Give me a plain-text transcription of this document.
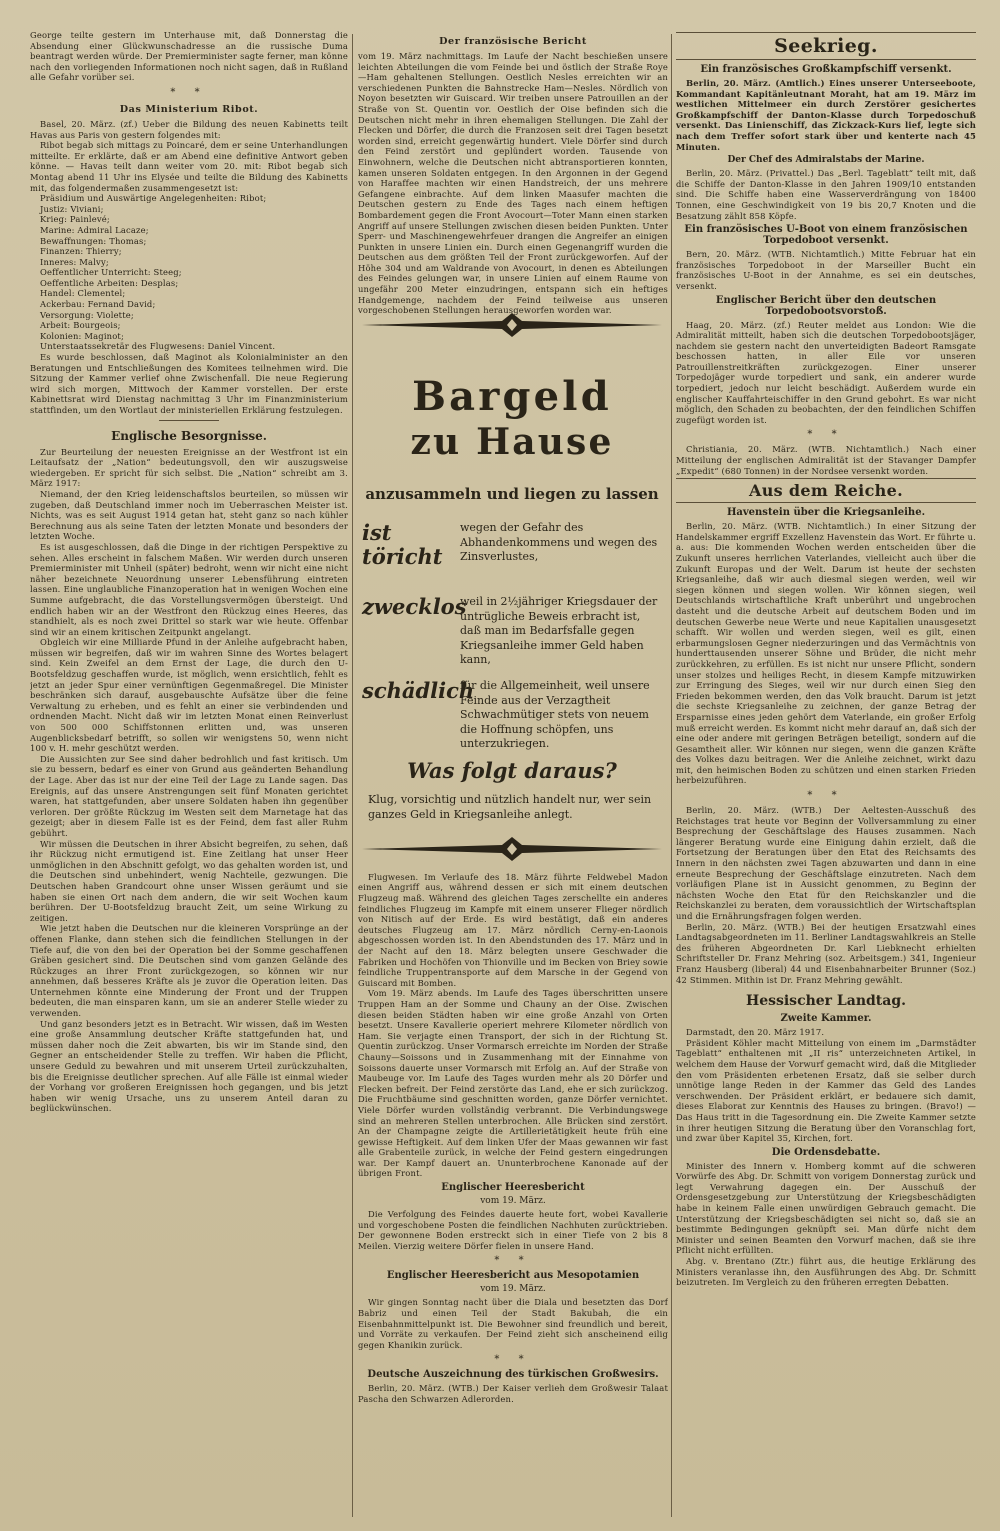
George teilte gestern im Unterhause mit, daß Donnerstag die Absendung einer Glückwunschadresse an die russische Duma beantragt werden würde. Der Premierminister sagte ferner, man könne nach den vorliegenden Informationen noch nicht sagen, daß in Rußland alle Gefahr vorüber sei.

* *
Das Ministerium Ribot.

Basel, 20. März. (zf.) Ueber die Bildung des neuen Kabinetts teilt Havas aus Paris von gestern folgendes mit:

Ribot begab sich mittags zu Poincaré, dem er seine Unterhandlungen mitteilte. Er erklärte, daß er am Abend eine definitive Antwort geben könne. — Havas teilt dann weiter vom 20. mit: Ribot begab sich Montag abend 11 Uhr ins Elysée und teilte die Bildung des Kabinetts mit, das folgendermaßen zusammengesetzt ist:

Präsidium und Auswärtige Angelegenheiten: Ribot;

Justiz: Viviani;

Krieg: Painlevé;

Marine: Admiral Lacaze;

Bewaffnungen: Thomas;

Finanzen: Thierry;

Inneres: Malvy;

Oeffentlicher Unterricht: Steeg;

Oeffentliche Arbeiten: Desplas;

Handel: Clementel;

Ackerbau: Fernand David;

Versorgung: Violette;

Arbeit: Bourgeois;

Kolonien: Maginot;

Unterstaatssekretär des Flugwesens: Daniel Vincent.

Es wurde beschlossen, daß Maginot als Kolonialminister an den Beratungen und Entschließungen des Komitees teilnehmen wird. Die Sitzung der Kammer verlief ohne Zwischenfall. Die neue Regierung wird sich morgen, Mittwoch der Kammer vorstellen. Der erste Kabinettsrat wird Dienstag nachmittag 3 Uhr im Finanzministerium stattfinden, um den Wortlaut der ministeriellen Erklärung festzulegen.

Englische Besorgnisse.

Zur Beurteilung der neuesten Ereignisse an der Westfront ist ein Leitaufsatz der „Nation“ bedeutungsvoll, den wir auszugsweise wiedergeben. Er spricht für sich selbst. Die „Nation“ schreibt am 3. März 1917:

Niemand, der den Krieg leidenschaftslos beurteilen, so müssen wir zugeben, daß Deutschland immer noch im Ueberraschen Meister ist. Nichts, was es seit August 1914 getan hat, steht ganz so nach kühler Berechnung aus als seine Taten der letzten Monate und besonders der letzten Woche.

Es ist ausgeschlossen, daß die Dinge in der richtigen Perspektive zu sehen. Alles erscheint in falschem Maßen. Wir werden durch unseren Premierminister mit Unheil (später) bedroht, wenn wir nicht eine nicht näher bezeichnete Neuordnung unserer Lebensführung eintreten lassen. Eine unglaubliche Finanzoperation hat in wenigen Wochen eine Summe aufgebracht, die das Vorstellungsvermögen übersteigt. Und endlich haben wir an der Westfront den Rückzug eines Heeres, das standhielt, als es noch zwei Drittel so stark war wie heute. Offenbar sind wir an einem kritischen Zeitpunkt angelangt.

Obgleich wir eine Milliarde Pfund in der Anleihe aufgebracht haben, müssen wir begreifen, daß wir im wahren Sinne des Wortes belagert sind. Kein Zweifel an dem Ernst der Lage, die durch den U-Bootsfeldzug geschaffen wurde, ist möglich, wenn ersichtlich, fehlt es jetzt an jeder Spur einer vernünftigen Gegenmaßregel. Die Minister beschränken sich darauf, ausgebauschte Aufsätze über die feine Verwaltung zu erheben, und es fehlt an einer sie verbindenden und ordnenden Macht. Nicht daß wir im letzten Monat einen Reinverlust von 500 000 Schiffstonnen erlitten und, was unseren Augenblicksbedarf betrifft, so sollen wir wenigstens 50, wenn nicht 100 v. H. mehr geschützt werden.

Die Aussichten zur See sind daher bedrohlich und fast kritisch. Um sie zu bessern, bedarf es einer von Grund aus geänderten Behandlung der Lage. Aber das ist nur der eine Teil der Lage zu Lande sagen. Das Ereignis, auf das unsere Anstrengungen seit fünf Monaten gerichtet waren, hat stattgefunden, aber unsere Soldaten haben ihn gegenüber verloren. Der größte Rückzug im Westen seit dem Marnetage hat das gezeigt; aber in diesem Falle ist es der Feind, dem fast aller Ruhm gebührt.

Wir müssen die Deutschen in ihrer Absicht begreifen, zu sehen, daß ihr Rückzug nicht ermutigend ist. Eine Zeitlang hat unser Heer unmöglichen in den Abschnitt gefolgt, wo das gehalten worden ist, und die Deutschen sind unbehindert, wenig Nachteile, gezwungen. Die Deutschen haben Grandcourt ohne unser Wissen geräumt und sie haben sie einen Ort nach dem andern, die wir seit Wochen kaum berühren. Der U-Bootsfeldzug braucht Zeit, um seine Wirkung zu zeitigen.

Wie jetzt haben die Deutschen nur die kleineren Vorsprünge an der offenen Flanke, dann stehen sich die feindlichen Stellungen in der Tiefe auf, die von den bei der Operation bei der Somme geschaffenen Gräben gesichert sind. Die Deutschen sind vom ganzen Gelände des Rückzuges an ihrer Front zurückgezogen, so können wir nur annehmen, daß besseres Kräfte als je zuvor die Operation leiten. Das Unternehmen könnte eine Minderung der Front und der Truppen bedeuten, die man einsparen kann, um sie an anderer Stelle wieder zu verwenden.

Und ganz besonders jetzt es in Betracht. Wir wissen, daß im Westen eine große Ansammlung deutscher Kräfte stattgefunden hat, und müssen daher noch die Zeit abwarten, bis wir im Stande sind, den Gegner an entscheidender Stelle zu treffen. Wir haben die Pflicht, unsere Geduld zu bewahren und mit unserem Urteil zurückzuhalten, bis die Ereignisse deutlicher sprechen. Auf alle Fälle ist einmal wieder der Vorhang vor großeren Ereignissen hoch gegangen, und bis jetzt haben wir wenig Ursache, uns zu unserem Anteil daran zu beglückwünschen.

Der französische Bericht

vom 19. März nachmittags. Im Laufe der Nacht beschießen unsere leichten Abteilungen die vom Feinde bei und östlich der Straße Roye—Ham gehaltenen Stellungen. Oestlich Nesles erreichten wir an verschiedenen Punkten die Bahnstrecke Ham—Nesles. Nördlich von Noyon besetzten wir Guiscard. Wir treiben unsere Patrouillen an der Straße von St. Quentin vor. Oestlich der Oise befinden sich die Deutschen nicht mehr in ihren ehemaligen Stellungen. Die Zahl der Flecken und Dörfer, die durch die Franzosen seit drei Tagen besetzt worden sind, erreicht gegenwärtig hundert. Viele Dörfer sind durch den Feind zerstört und geplündert worden. Tausende von Einwohnern, welche die Deutschen nicht abtransportieren konnten, kamen unseren Soldaten entgegen. In den Argonnen in der Gegend von Haraffee machten wir einen Handstreich, der uns mehrere Gefangene einbrachte. Auf dem linken Maasufer machten die Deutschen gestern zu Ende des Tages nach einem heftigen Bombardement gegen die Front Avocourt—Toter Mann einen starken Angriff auf unsere Stellungen zwischen diesen beiden Punkten. Unter Sperr- und Maschinengewehrfeuer drangen die Angreifer an einigen Punkten in unsere Linien ein. Durch einen Gegenangriff wurden die Deutschen aus dem größten Teil der Front zurückgeworfen. Auf der Höhe 304 und am Waldrande von Avocourt, in denen es Abteilungen des Feindes gelungen war, in unsere Linien auf einem Raume von ungefähr 200 Meter einzudringen, entspann sich ein heftiges Handgemenge, nachdem der Feind teilweise aus unseren vorgeschobenen Stellungen herausgeworfen worden war.

Flugwesen. Im Verlaufe des 18. März führte Feldwebel Madon einen Angriff aus, während dessen er sich mit einem deutschen Flugzeug maß. Während des gleichen Tages zerschellte ein anderes feindliches Flugzeug im Kampfe mit einem unserer Flieger nördlich von Nitisch auf der Erde. Es wird bestätigt, daß ein anderes deutsches Flugzeug am 17. März nördlich Cerny-en-Laonois abgeschossen worden ist. In den Abendstunden des 17. März und in der Nacht auf den 18. März belegten unsere Geschwader die Fabriken und Hochöfen von Thionville und im Becken von Briey sowie feindliche Truppentransporte auf dem Marsche in der Gegend von Guiscard mit Bomben.

Vom 19. März abends. Im Laufe des Tages überschritten unsere Truppen Ham an der Somme und Chauny an der Oise. Zwischen diesen beiden Städten haben wir eine große Anzahl von Orten besetzt. Unsere Kavallerie operiert mehrere Kilometer nördlich von Ham. Sie verjagte einen Transport, der sich in der Richtung St. Quentin zurückzog. Unser Vormarsch erreichte im Norden der Straße Chauny—Soissons und in Zusammenhang mit der Einnahme von Soissons dauerte unser Vormarsch mit Erfolg an. Auf der Straße von Maubeuge vor. Im Laufe des Tages wurden mehr als 20 Dörfer und Flecken befreit. Der Feind zerstörte das Land, ehe er sich zurückzog. Die Fruchtbäume sind geschnitten worden, ganze Dörfer vernichtet. Viele Dörfer wurden vollständig verbrannt. Die Verbindungswege sind an mehreren Stellen unterbrochen. Alle Brücken sind zerstört. An der Champagne zeigte die Artillerietätigkeit heute früh eine gewisse Heftigkeit. Auf dem linken Ufer der Maas gewannen wir fast alle Grabenteile zurück, in welche der Feind gestern eingedrungen war. Der Kampf dauert an. Ununterbrochene Kanonade auf der übrigen Front.

Englischer Heeresbericht
vom 19. März.

Die Verfolgung des Feindes dauerte heute fort, wobei Kavallerie und vorgeschobene Posten die feindlichen Nachhuten zurücktrieben. Der gewonnene Boden erstreckt sich in einer Tiefe von 2 bis 8 Meilen. Vierzig weitere Dörfer fielen in unsere Hand.

* *
Englischer Heeresbericht aus Mesopotamien
vom 19. März.

Wir gingen Sonntag nacht über die Diala und besetzten das Dorf Babriz und einen Teil der Stadt Bakubah, die ein Eisenbahnmittelpunkt ist. Die Bewohner sind freundlich und bereit, und Vorräte zu verkaufen. Der Feind zieht sich anscheinend eilig gegen Khanikin zurück.

* *
Deutsche Auszeichnung des türkischen Großwesirs.

Berlin, 20. März. (WTB.) Der Kaiser verlieh dem Großwesir Talaat Pascha den Schwarzen Adlerorden.

Bargeld
zu Hause
anzusammeln und liegen zu lassen
ist töricht
wegen der Gefahr des Abhandenkommens und wegen des Zinsverlustes,
zwecklos
weil in 2½jähriger Kriegsdauer der untrügliche Beweis erbracht ist, daß man im Bedarfsfalle gegen Kriegsanleihe immer Geld haben kann,
schädlich
für die Allgemeinheit, weil unsere Feinde aus der Verzagtheit Schwachmütiger stets von neuem die Hoffnung schöpfen, uns unterzukriegen.
Was folgt daraus?
Klug, vorsichtig und nützlich handelt nur, wer sein ganzes Geld in Kriegsanleihe anlegt.
Seekrieg.
Ein französisches Großkampfschiff versenkt.

Berlin, 20. März. (Amtlich.) Eines unserer Unterseeboote, Kommandant Kapitänleutnant Moraht, hat am 19. März im westlichen Mittelmeer ein durch Zerstörer gesichertes Großkampfschiff der Danton-Klasse durch Torpedoschuß versenkt. Das Linienschiff, das Zickzack-Kurs lief, legte sich nach dem Treffer sofort stark über und kenterte nach 45 Minuten.

Der Chef des Admiralstabs der Marine.

Berlin, 20. März. (Privattel.) Das „Berl. Tageblatt“ teilt mit, daß die Schiffe der Danton-Klasse in den Jahren 1909/10 entstanden sind. Die Schiffe haben eine Wasserverdrängung von 18400 Tonnen, eine Geschwindigkeit von 19 bis 20,7 Knoten und die Besatzung zählt 858 Köpfe.

Ein französisches U-Boot von einem französischen Torpedoboot versenkt.

Bern, 20. März. (WTB. Nichtamtlich.) Mitte Februar hat ein französisches Torpedoboot in der Marseiller Bucht ein französisches U-Boot in der Annahme, es sei ein deutsches, versenkt.

Englischer Bericht über den deutschen Torpedobootsvorstoß.

Haag, 20. März. (zf.) Reuter meldet aus London: Wie die Admiralität mitteilt, haben sich die deutschen Torpedobootsjäger, nachdem sie gestern nacht den unverteidigten Badeort Ramsgate beschossen hatten, in aller Eile vor unseren Patrouillenstreitkräften zurückgezogen. Einer unserer Torpedojäger wurde torpediert und sank, ein anderer wurde torpediert, jedoch nur leicht beschädigt. Außerdem wurde ein englischer Kauffahrteischiffer in den Grund gebohrt. Es war nicht möglich, den Schaden zu beobachten, der den feindlichen Schiffen zugefügt worden ist.

* *

Christiania, 20. März. (WTB. Nichtamtlich.) Nach einer Mitteilung der englischen Admiralität ist der Stavanger Dampfer „Expedit“ (680 Tonnen) in der Nordsee versenkt worden.

Aus dem Reiche.
Havenstein über die Kriegsanleihe.

Berlin, 20. März. (WTB. Nichtamtlich.) In einer Sitzung der Handelskammer ergriff Exzellenz Havenstein das Wort. Er führte u. a. aus: Die kommenden Wochen werden entscheiden über die Zukunft unseres herrlichen Vaterlandes, vielleicht auch über die Zukunft Europas und der Welt. Darum ist heute der sechsten Kriegsanleihe, daß wir auch diesmal siegen werden, weil wir siegen können und siegen wollen. Wir können siegen, weil Deutschlands wirtschaftliche Kraft unberührt und ungebrochen dasteht und die deutsche Arbeit auf deutschem Boden und im deutschen Gewerbe neue Werte und neue Kapitalien unausgesetzt schafft. Wir wollen und werden siegen, weil es gilt, einen erbarmungslosen Gegner niederzuringen und das Vermächtnis von hunderttausenden unserer Söhne und Brüder, die nicht mehr zurückkehren, zu erfüllen. Es ist nicht nur unsere Pflicht, sondern unser stolzes und heiliges Recht, in diesem Kampfe mitzuwirken zur Erringung des Sieges, weil wir nur durch einen Sieg den Frieden bekommen werden, den das Volk braucht. Darum ist jetzt die sechste Kriegsanleihe zu zeichnen, der ganze Betrag der Ersparnisse eines jeden gehört dem Vaterlande, ein großer Erfolg muß erreicht werden. Es kommt nicht mehr darauf an, daß sich der eine oder andere mit geringen Beträgen beteiligt, sondern auf die Gesamtheit aller. Wir können nur siegen, wenn die ganzen Kräfte des Volkes dazu beitragen. Wer die Anleihe zeichnet, wirkt dazu mit, den heimischen Boden zu schützen und einen starken Frieden herbeizuführen.

* *

Berlin, 20. März. (WTB.) Der Aeltesten-Ausschuß des Reichstages trat heute vor Beginn der Vollversammlung zu einer Besprechung der Geschäftslage des Hauses zusammen. Nach längerer Beratung wurde eine Einigung dahin erzielt, daß die Fortsetzung der Beratungen über den Etat des Reichsamts des Innern in den nächsten zwei Tagen abzuwarten und dann in eine erneute Besprechung der Geschäftslage einzutreten. Nach dem vorläufigen Plane ist in Aussicht genommen, zu Beginn der nächsten Woche den Etat für den Reichskanzler und die Reichskanzlei zu beraten, dem voraussichtlich der Wirtschaftsplan und die Ernährungsfragen folgen werden.

Berlin, 20. März. (WTB.) Bei der heutigen Ersatzwahl eines Landtagsabgeordneten im 11. Berliner Landtagswahlkreis an Stelle des früheren Abgeordneten Dr. Karl Liebknecht erhielten Schriftsteller Dr. Franz Mehring (soz. Arbeitsgem.) 341, Ingenieur Franz Hausberg (liberal) 44 und Eisenbahnarbeiter Brunner (Soz.) 42 Stimmen. Mithin ist Dr. Franz Mehring gewählt.

Hessischer Landtag.
Zweite Kammer.

Darmstadt, den 20. März 1917.

Präsident Köhler macht Mitteilung von einem im „Darmstädter Tageblatt“ enthaltenen mit „II ris“ unterzeichneten Artikel, in welchem dem Hause der Vorwurf gemacht wird, daß die Mitglieder den vom Präsidenten erbetenen Ersatz, daß sie selber durch unnötige lange Reden in der Kammer das Geld des Landes verschwenden. Der Präsident erklärt, er bedauere sich damit, dieses Elaborat zur Kenntnis des Hauses zu bringen. (Bravo!) — Das Haus tritt in die Tagesordnung ein. Die Zweite Kammer setzte in ihrer heutigen Sitzung die Beratung über den Voranschlag fort, und zwar über Kapitel 35, Kirchen, fort.

Die Ordensdebatte.

Minister des Innern v. Homberg kommt auf die schweren Vorwürfe des Abg. Dr. Schmitt von vorigem Donnerstag zurück und legt Verwahrung dagegen ein. Der Ausschuß der Ordensgesetzgebung zur Unterstützung der Kriegsbeschädigten habe in keinem Falle einen unwürdigen Gebrauch gemacht. Die Unterstützung der Kriegsbeschädigten sei nicht so, daß sie an bestimmte Bedingungen geknüpft sei. Man dürfe nicht dem Minister und seinen Beamten den Vorwurf machen, daß sie ihre Pflicht nicht erfüllten.

Abg. v. Brentano (Ztr.) führt aus, die heutige Erklärung des Ministers veranlasse ihn, den Ausführungen des Abg. Dr. Schmitt beizutreten. Im Vergleich zu den früheren erregten Debatten.
